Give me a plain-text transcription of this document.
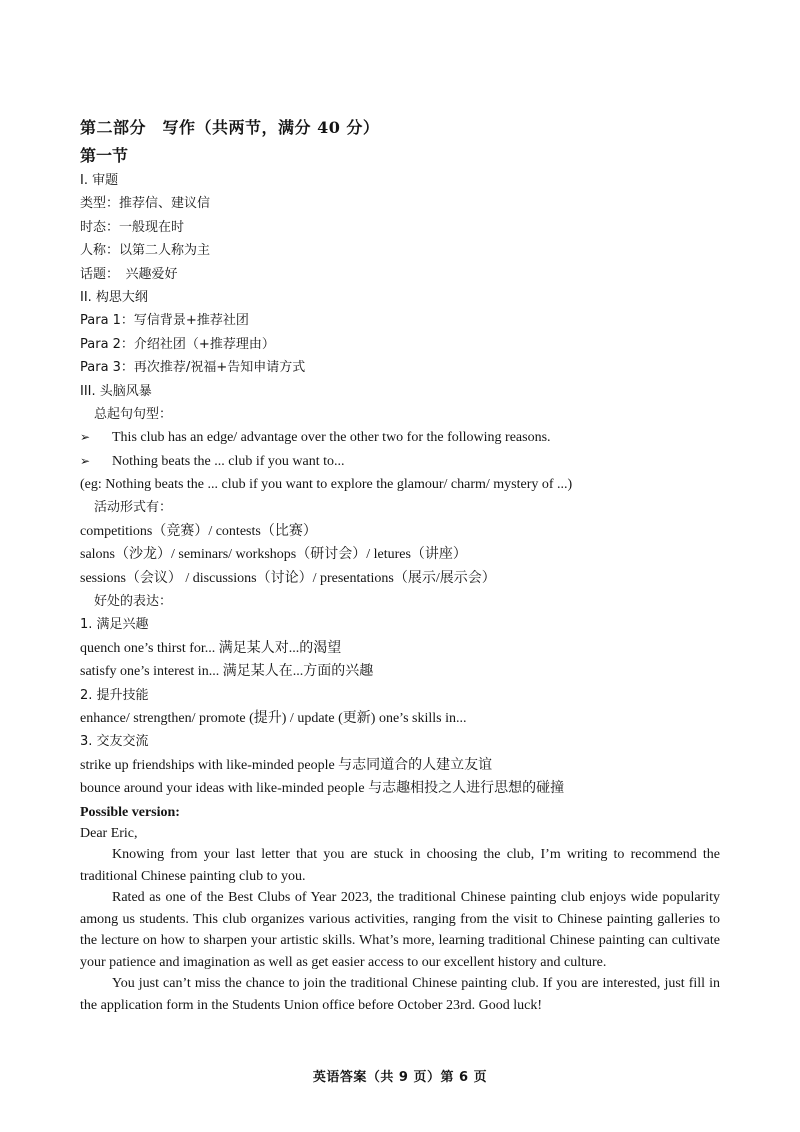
第二部分　写作（共两节，满分 40 分）
第一节
I. 审题
类型：推荐信、建议信
时态：一般现在时
人称：以第二人称为主
话题：　兴趣爱好
II. 构思大纲
Para 1：写信背景+推荐社团
Para 2：介绍社团（+推荐理由）
Para 3：再次推荐/祝福+告知申请方式
III. 头脑风暴
总起句句型：
➢ This club has an edge/ advantage over the other two for the following reasons.
➢ Nothing beats the ... club if you want to...
(eg: Nothing beats the ... club if you want to explore the glamour/ charm/ mystery of ...)
活动形式有：
competitions（竞赛）/ contests（比赛）
salons（沙龙）/ seminars/ workshops（研讨会）/ letures（讲座）
sessions（会议） / discussions（讨论）/ presentations（展示/展示会）
好处的表达：
1. 满足兴趣
quench one’s thirst for... 满足某人对...的渴望
satisfy one’s interest in... 满足某人在...方面的兴趣
2. 提升技能
enhance/ strengthen/ promote (提升) / update (更新) one’s skills in...
3. 交友交流
strike up friendships with like-minded people 与志同道合的人建立友谊
bounce around your ideas with like-minded people 与志趣相投之人进行思想的碰撞
Possible version:

Dear Eric,

Knowing from your last letter that you are stuck in choosing the club, I’m writing to recommend the traditional Chinese painting club to you.

Rated as one of the Best Clubs of Year 2023, the traditional Chinese painting club enjoys wide popularity among us students. This club organizes various activities, ranging from the visit to Chinese painting galleries to the lecture on how to sharpen your artistic skills. What’s more, learning traditional Chinese painting can cultivate your patience and imagination as well as get easier access to our excellent history and culture.

You just can’t miss the chance to join the traditional Chinese painting club. If you are interested, just fill in the application form in the Students Union office before October 23rd. Good luck!

英语答案（共 9 页）第 6 页
